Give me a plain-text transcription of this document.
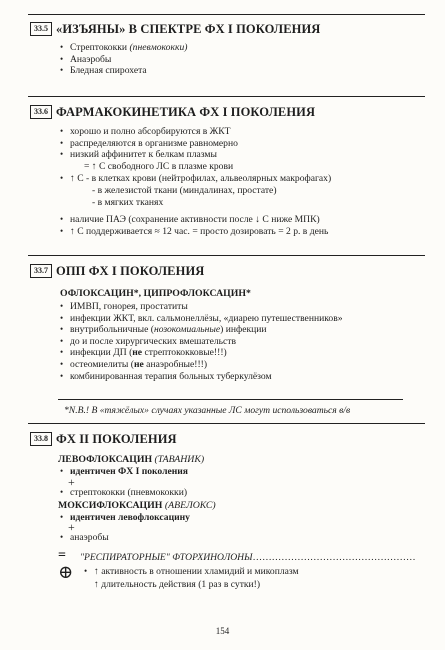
33.5 «ИЗЪЯНЫ» В СПЕКТРЕ ФХ I ПОКОЛЕНИЯ
• Стрептококки (пневмококки)
• Анаэробы
• Бледная спирохета
33.6 ФАРМАКОКИНЕТИКА ФХ I ПОКОЛЕНИЯ
• хорошо и полно абсорбируются в ЖКТ
• распределяются в организме равномерно
• низкий аффинитет к белкам плазмы
= ↑ С свободного ЛС в плазме крови
• ↑ С - в клетках крови (нейтрофилах, альвеолярных макрофагах)
- в железистой ткани (миндалинах, простате)
- в мягких тканях
• наличие ПАЭ (сохранение активности после ↓ С ниже МПК)
• ↑ С поддерживается ≈ 12 час. = просто дозировать = 2 р. в день
33.7 ОПП ФХ I ПОКОЛЕНИЯ
ОФЛОКСАЦИН*, ЦИПРОФЛОКСАЦИН*
• ИМВП, гонорея, простатиты
• инфекции ЖКТ, вкл. сальмонеллёзы, «диарею путешественников»
• внутрибольничные (нозокомиальные) инфекции
• до и после хирургических вмешательств
• инфекции ДП (не стрептококковые!!!)
• остеомиелиты (не анаэробные!!!)
• комбинированная терапия больных туберкулёзом
*N.B.! В «тяжёлых» случаях указанные ЛС могут использоваться в/в
33.8 ФХ II ПОКОЛЕНИЯ
ЛЕВОФЛОКСАЦИН (ТАВАНИК)
• идентичен ФХ I поколения
+
• стрептококки (пневмококки)
МОКСИФЛОКСАЦИН (АВЕЛОКС)
• идентичен левофлоксацину
+
• анаэробы
= "РЕСПИРАТОРНЫЕ" ФТОРХИНОЛОНЫ……………………………………………
⊕ • ↑ активность в отношении хламидий и микоплазм
↑ длительность действия (1 раз в сутки!)
154
